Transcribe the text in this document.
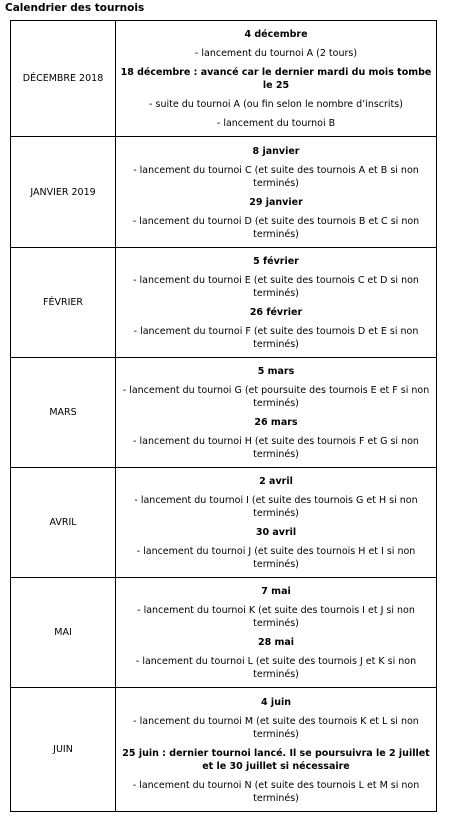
Calendrier des tournois
DÉCEMBRE 2018	4 décembre

- lancement du tournoi A (2 tours)

18 décembre : avancé car le dernier mardi du mois tombe le 25

- suite du tournoi A (ou fin selon le nombre d’inscrits)

- lancement du tournoi B

JANVIER 2019	8 janvier

- lancement du tournoi C (et suite des tournois A et B si non terminés)

29 janvier

- lancement du tournoi D (et suite des tournois B et C si non terminés)

FÉVRIER	5 février

- lancement du tournoi E (et suite des tournois C et D si non terminés)

26 février

- lancement du tournoi F (et suite des tournois D et E si non terminés)

MARS	5 mars

- lancement du tournoi G (et poursuite des tournois E et F si non terminés)

26 mars

- lancement du tournoi H (et suite des tournois F et G si non terminés)

AVRIL	2 avril

- lancement du tournoi I (et suite des tournois G et H si non terminés)

30 avril

- lancement du tournoi J (et suite des tournois H et I si non terminés)

MAI	7 mai

- lancement du tournoi K (et suite des tournois I et J si non terminés)

28 mai

- lancement du tournoi L (et suite des tournois J et K si non terminés)

JUIN	4 juin

- lancement du tournoi M (et suite des tournois K et L si non terminés)

25 juin : dernier tournoi lancé. Il se poursuivra le 2 juillet et le 30 juillet si nécessaire

- lancement du tournoi N (et suite des tournois L et M si non terminés)
